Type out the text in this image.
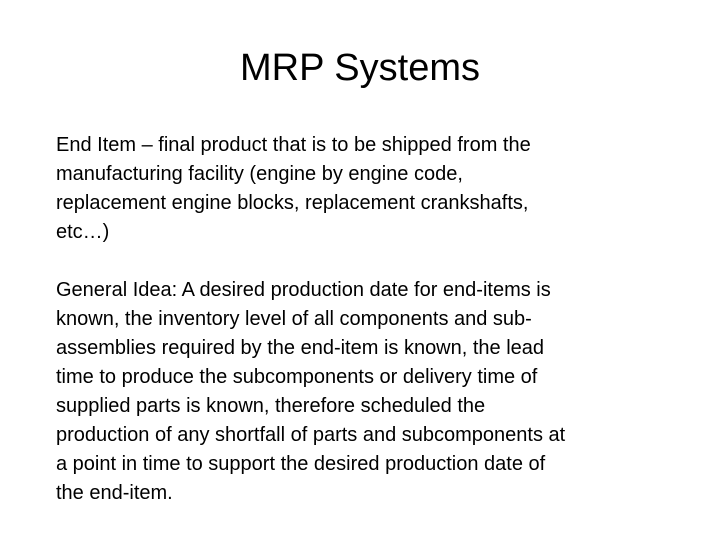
MRP Systems
End Item – final product that is to be shipped from the
manufacturing facility (engine by engine code,
replacement engine blocks, replacement crankshafts,
etc…)
General Idea: A desired production date for end-items is
known, the inventory level of all components and sub-
assemblies required by the end-item is known, the lead
time to produce the subcomponents or delivery time of
supplied parts is known, therefore scheduled the
production of any shortfall of parts and subcomponents at
a point in time to support the desired production date of
the end-item.
